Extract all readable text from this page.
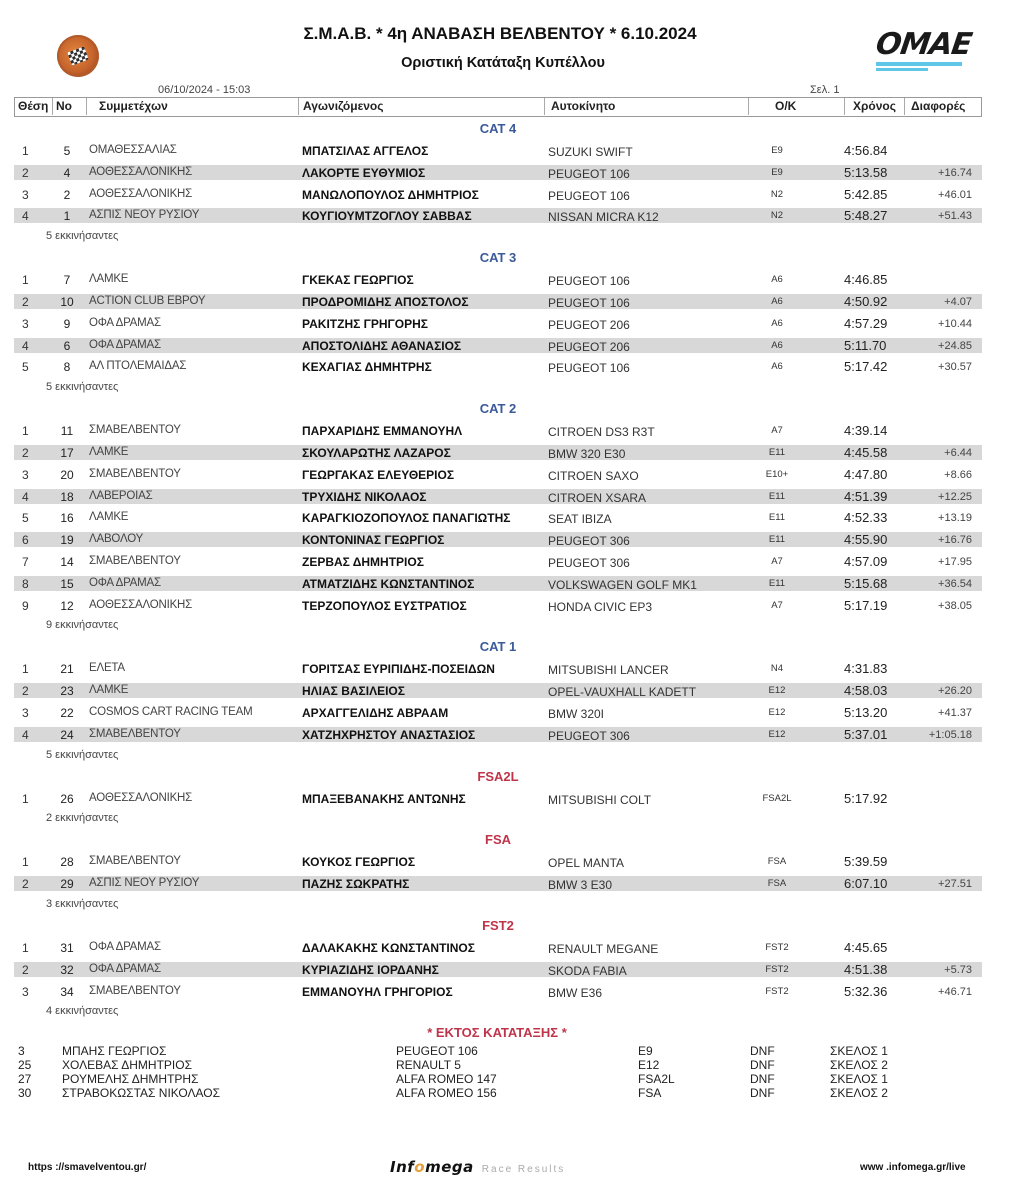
Σ.Μ.Α.Β. * 4η ΑΝΑΒΑΣΗ ΒΕΛΒΕΝΤΟΥ * 6.10.2024
Οριστική Κατάταξη Κυπέλλου
OMAE
06/10/2024 - 15:03	Σελ. 1
Θέση No	Συμμετέχων	Αγωνιζόμενος	Αυτοκίνητο	Ο/Κ	Χρόνος	Διαφορές
CAT 4
1	5	ΟΜΑΘΕΣΣΑΛΙΑΣ	ΜΠΑΤΣΙΛΑΣ ΑΓΓΕΛΟΣ	SUZUKI SWIFT	E9	4:56.84
2	4	ΑΟΘΕΣΣΑΛΟΝΙΚΗΣ	ΛΑΚΟΡΤΕ ΕΥΘΥΜΙΟΣ	PEUGEOT 106	E9	5:13.58	+16.74
3	2	ΑΟΘΕΣΣΑΛΟΝΙΚΗΣ	ΜΑΝΩΛΟΠΟΥΛΟΣ ΔΗΜΗΤΡΙΟΣ	PEUGEOT 106	N2	5:42.85	+46.01
4	1	ΑΣΠΙΣ ΝΕΟΥ ΡΥΣΙΟΥ	ΚΟΥΓΙΟΥΜΤΖΟΓΛΟΥ ΣΑΒΒΑΣ	NISSAN MICRA K12	N2	5:48.27	+51.43
5 εκκινήσαντες
CAT 3
1	7	ΛΑΜΚΕ	ΓΚΕΚΑΣ ΓΕΩΡΓΙΟΣ	PEUGEOT 106	A6	4:46.85
2	10 ACTION CLUB ΕΒΡΟΥ	ΠΡΟΔΡΟΜΙΔΗΣ ΑΠΟΣΤΟΛΟΣ	PEUGEOT 106	A6	4:50.92	+4.07
3	9	ΟΦΑ ΔΡΑΜΑΣ	ΡΑΚΙΤΖΗΣ ΓΡΗΓΟΡΗΣ	PEUGEOT 206	A6	4:57.29	+10.44
4	6	ΟΦΑ ΔΡΑΜΑΣ	ΑΠΟΣΤΟΛΙΔΗΣ ΑΘΑΝΑΣΙΟΣ	PEUGEOT 206	A6	5:11.70	+24.85
5	8	ΑΛ ΠΤΟΛΕΜΑΙΔΑΣ	ΚΕΧΑΓΙΑΣ ΔΗΜΗΤΡΗΣ	PEUGEOT 106	A6	5:17.42	+30.57
5 εκκινήσαντες
CAT 2
1	11 ΣΜΑΒΕΛΒΕΝΤΟΥ	ΠΑΡΧΑΡΙΔΗΣ ΕΜΜΑΝΟΥΗΛ	CITROEN DS3 R3T	A7	4:39.14
2	17 ΛΑΜΚΕ	ΣΚΟΥΛΑΡΩΤΗΣ ΛΑΖΑΡΟΣ	BMW 320 E30	E11	4:45.58	+6.44
3	20 ΣΜΑΒΕΛΒΕΝΤΟΥ	ΓΕΩΡΓΑΚΑΣ ΕΛΕΥΘΕΡΙΟΣ	CITROEN SAXO	E10+	4:47.80	+8.66
4	18 ΛΑΒΕΡΟΙΑΣ	ΤΡΥΧΙΔΗΣ ΝΙΚΟΛΑΟΣ	CITROEN XSARA	E11	4:51.39	+12.25
5	16 ΛΑΜΚΕ	ΚΑΡΑΓΚΙΟΖΟΠΟΥΛΟΣ ΠΑΝΑΓΙΩΤΗΣ	SEAT IBIZA	E11	4:52.33	+13.19
6	19 ΛΑΒΟΛΟΥ	ΚΟΝΤΟΝΙΝΑΣ ΓΕΩΡΓΙΟΣ	PEUGEOT 306	E11	4:55.90	+16.76
7	14 ΣΜΑΒΕΛΒΕΝΤΟΥ	ΖΕΡΒΑΣ ΔΗΜΗΤΡΙΟΣ	PEUGEOT 306	A7	4:57.09	+17.95
8	15 ΟΦΑ ΔΡΑΜΑΣ	ΑΤΜΑΤΖΙΔΗΣ ΚΩΝΣΤΑΝΤΙΝΟΣ	VOLKSWAGEN GOLF MK1	E11	5:15.68	+36.54
9	12 ΑΟΘΕΣΣΑΛΟΝΙΚΗΣ	ΤΕΡΖΟΠΟΥΛΟΣ ΕΥΣΤΡΑΤΙΟΣ	HONDA CIVIC EP3	A7	5:17.19	+38.05
9 εκκινήσαντες
CAT 1
1	21 ΕΛΕΤΑ	ΓΟΡΙΤΣΑΣ ΕΥΡΙΠΙΔΗΣ-ΠΟΣΕΙΔΩΝ	MITSUBISHI LANCER	N4	4:31.83
2	23 ΛΑΜΚΕ	ΗΛΙΑΣ ΒΑΣΙΛΕΙΟΣ	OPEL-VAUXHALL KADETT	E12	4:58.03	+26.20
3	22 COSMOS CART RACING TEAM	ΑΡΧΑΓΓΕΛΙΔΗΣ ΑΒΡΑΑΜ	BMW 320I	E12	5:13.20	+41.37
4	24 ΣΜΑΒΕΛΒΕΝΤΟΥ	ΧΑΤΖΗΧΡΗΣΤΟΥ ΑΝΑΣΤΑΣΙΟΣ	PEUGEOT 306	E12	5:37.01	+1:05.18
5 εκκινήσαντες
FSA2L
1	26 ΑΟΘΕΣΣΑΛΟΝΙΚΗΣ	ΜΠΑΞΕΒΑΝΑΚΗΣ ΑΝΤΩΝΗΣ	MITSUBISHI COLT	FSA2L	5:17.92
2 εκκινήσαντες
FSA
1	28 ΣΜΑΒΕΛΒΕΝΤΟΥ	ΚΟΥΚΟΣ ΓΕΩΡΓΙΟΣ	OPEL MANTA	FSA	5:39.59
2	29 ΑΣΠΙΣ ΝΕΟΥ ΡΥΣΙΟΥ	ΠΑΖΗΣ ΣΩΚΡΑΤΗΣ	BMW 3 E30	FSA	6:07.10	+27.51
3 εκκινήσαντες
FST2
1	31 ΟΦΑ ΔΡΑΜΑΣ	ΔΑΛΑΚΑΚΗΣ ΚΩΝΣΤΑΝΤΙΝΟΣ	RENAULT MEGANE	FST2	4:45.65
2	32 ΟΦΑ ΔΡΑΜΑΣ	ΚΥΡΙΑΖΙΔΗΣ ΙΟΡΔΑΝΗΣ	SKODA FABIA	FST2	4:51.38	+5.73
3	34 ΣΜΑΒΕΛΒΕΝΤΟΥ	ΕΜΜΑΝΟΥΗΛ ΓΡΗΓΟΡΙΟΣ	BMW E36	FST2	5:32.36	+46.71
4 εκκινήσαντες
* ΕΚΤΟΣ ΚΑΤΑΤΑΞΗΣ *
3	ΜΠΑΗΣ ΓΕΩΡΓΙΟΣ	PEUGEOT 106	E9	DNF	ΣΚΕΛΟΣ 1
25	ΧΟΛΕΒΑΣ ΔΗΜΗΤΡΙΟΣ	RENAULT 5	E12	DNF	ΣΚΕΛΟΣ 2
27	ΡΟΥΜΕΛΗΣ ΔΗΜΗΤΡΗΣ	ALFA ROMEO 147	FSA2L	DNF	ΣΚΕΛΟΣ 1
30	ΣΤΡΑΒΟΚΩΣΤΑΣ ΝΙΚΟΛΑΟΣ	ALFA ROMEO 156	FSA	DNF	ΣΚΕΛΟΣ 2
https ://smavelventou.gr/	Infomega Race Results	www .infomega.gr/live
